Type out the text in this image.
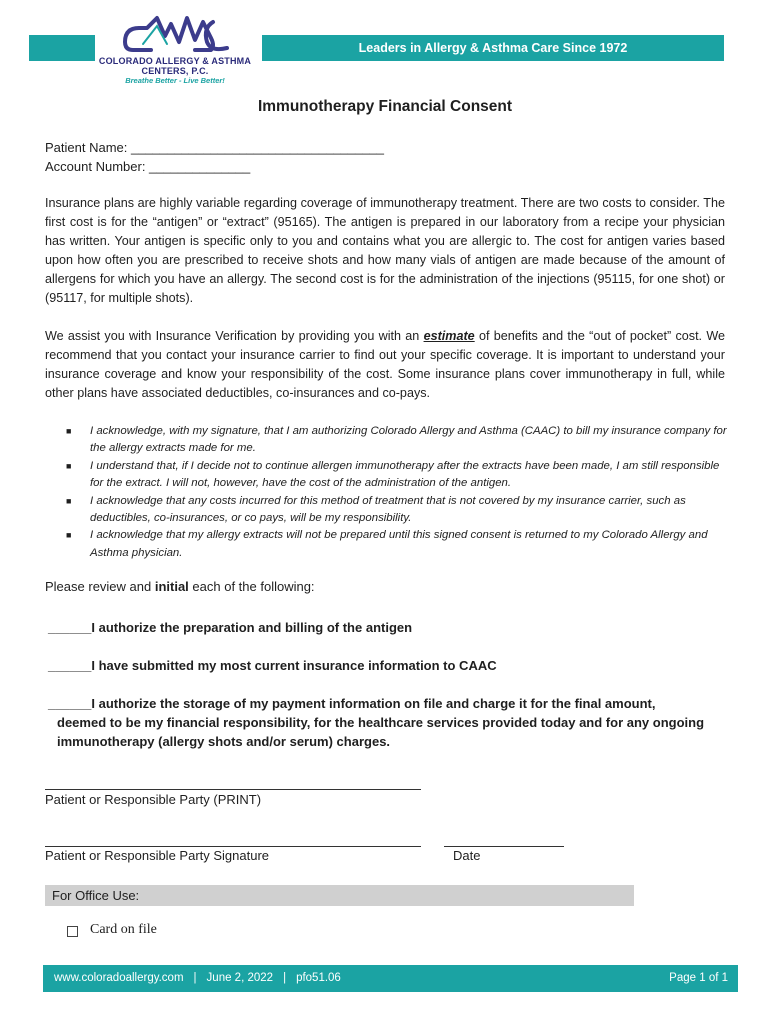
Leaders in Allergy & Asthma Care Since 1972
COLORADO ALLERGY & ASTHMA CENTERS, P.C.
Breathe Better - Live Better!
Immunotherapy Financial Consent
Patient Name: ___________________________________
Account Number: ______________
Insurance plans are highly variable regarding coverage of immunotherapy treatment. There are two costs to consider. The first cost is for the “antigen” or “extract” (95165). The antigen is prepared in our laboratory from a recipe your physician has written. Your antigen is specific only to you and contains what you are allergic to. The cost for antigen varies based upon how often you are prescribed to receive shots and how many vials of antigen are made because of the amount of allergens for which you have an allergy. The second cost is for the administration of the injections (95115, for one shot) or (95117, for multiple shots).
We assist you with Insurance Verification by providing you with an estimate of benefits and the “out of pocket” cost. We recommend that you contact your insurance carrier to find out your specific coverage. It is important to understand your insurance coverage and know your responsibility of the cost. Some insurance plans cover immunotherapy in full, while other plans have associated deductibles, co-insurances and co-pays.
■ I acknowledge, with my signature, that I am authorizing Colorado Allergy and Asthma (CAAC) to bill my insurance company for the allergy extracts made for me.
■ I understand that, if I decide not to continue allergen immunotherapy after the extracts have been made, I am still responsible for the extract. I will not, however, have the cost of the administration of the antigen.
■ I acknowledge that any costs incurred for this method of treatment that is not covered by my insurance carrier, such as deductibles, co-insurances, or co pays, will be my responsibility.
■ I acknowledge that my allergy extracts will not be prepared until this signed consent is returned to my Colorado Allergy and Asthma physician.
Please review and initial each of the following:
______I authorize the preparation and billing of the antigen
______I have submitted my most current insurance information to CAAC
______I authorize the storage of my payment information on file and charge it for the final amount,
deemed to be my financial responsibility, for the healthcare services provided today and for any ongoing
immunotherapy (allergy shots and/or serum) charges.
Patient or Responsible Party (PRINT)
Patient or Responsible Party Signature	Date
For Office Use:
Card on file
www.coloradoallergy.com | June 2, 2022 | pfo51.06	Page 1 of 1
